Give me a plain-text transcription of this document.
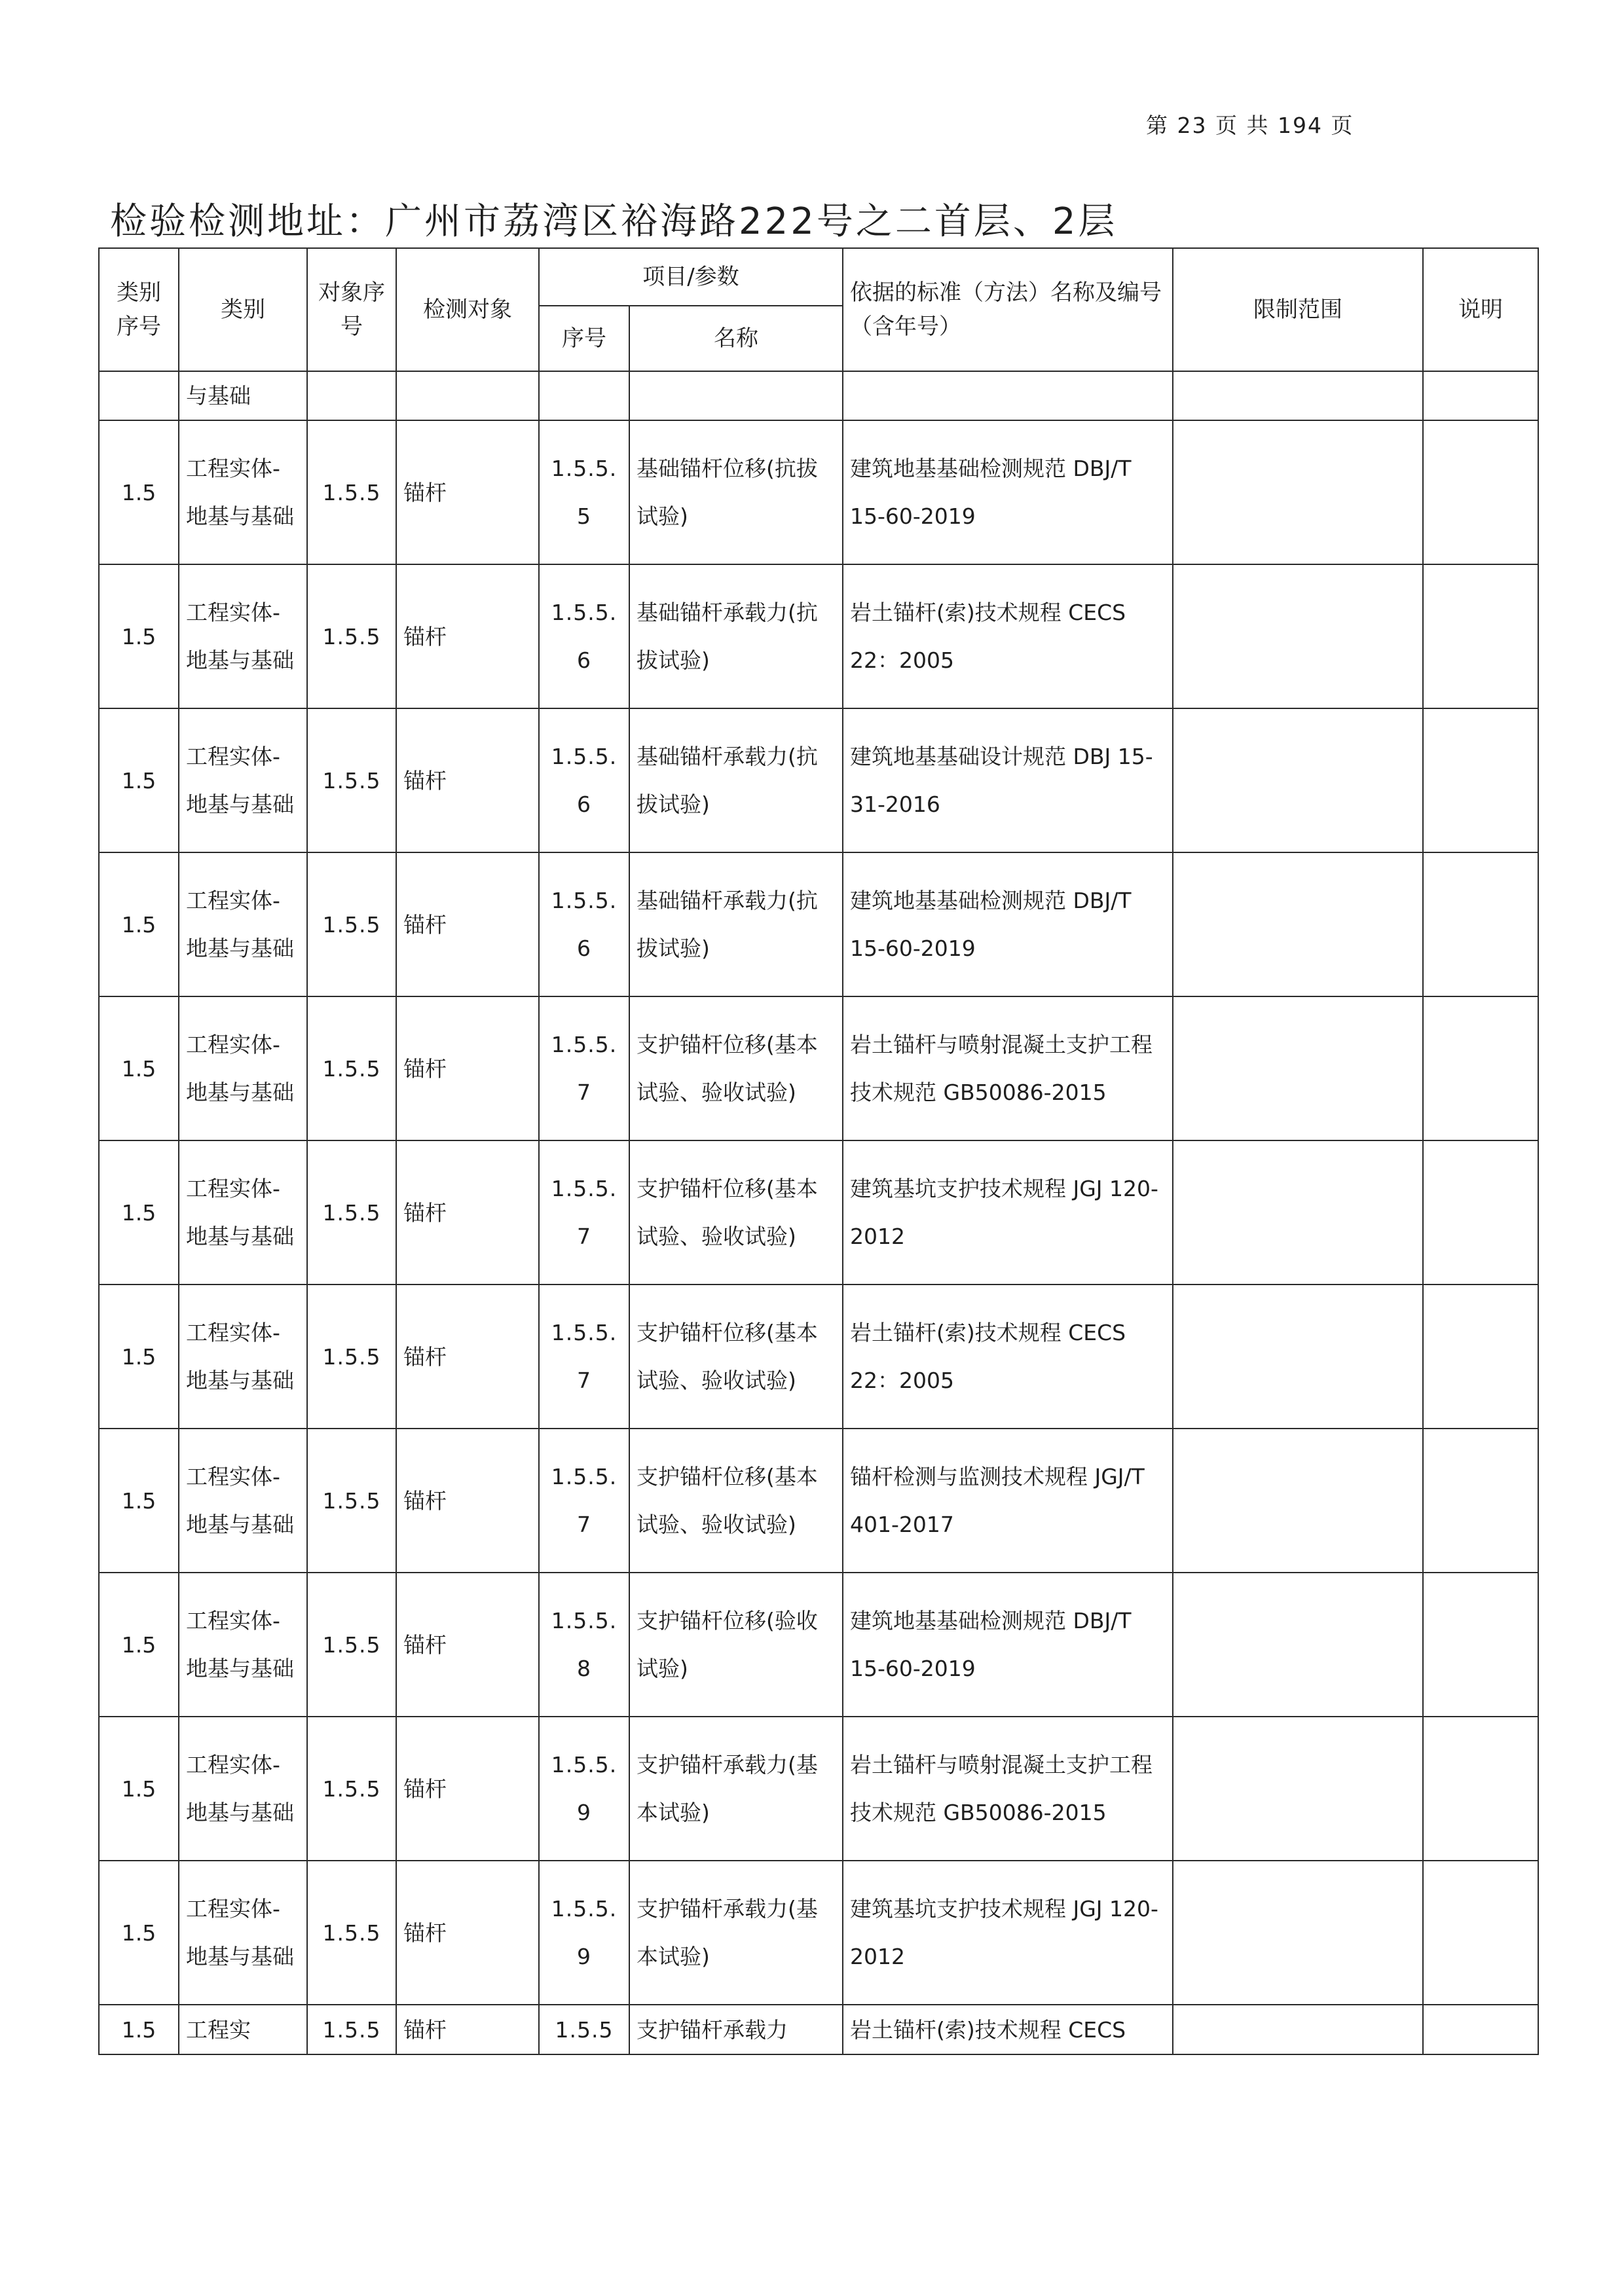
第 23 页 共 194 页
检验检测地址：广州市荔湾区裕海路222号之二首层、2层
类别序号	类别	对象序号	检测对象	项目/参数		依据的标准（方法）名称及编号（含年号）	限制范围	说明
				序号	名称			
	与基础							
1.5	工程实体-地基与基础	1.5.5	锚杆	1.5.5.5	基础锚杆位移(抗拔试验)	建筑地基基础检测规范 DBJ/T 15-60-2019		
1.5	工程实体-地基与基础	1.5.5	锚杆	1.5.5.6	基础锚杆承载力(抗拔试验)	岩土锚杆(索)技术规程 CECS 22：2005		
1.5	工程实体-地基与基础	1.5.5	锚杆	1.5.5.6	基础锚杆承载力(抗拔试验)	建筑地基基础设计规范 DBJ 15-31-2016		
1.5	工程实体-地基与基础	1.5.5	锚杆	1.5.5.6	基础锚杆承载力(抗拔试验)	建筑地基基础检测规范 DBJ/T 15-60-2019		
1.5	工程实体-地基与基础	1.5.5	锚杆	1.5.5.7	支护锚杆位移(基本试验、验收试验)	岩土锚杆与喷射混凝土支护工程技术规范 GB50086-2015		
1.5	工程实体-地基与基础	1.5.5	锚杆	1.5.5.7	支护锚杆位移(基本试验、验收试验)	建筑基坑支护技术规程 JGJ 120-2012		
1.5	工程实体-地基与基础	1.5.5	锚杆	1.5.5.7	支护锚杆位移(基本试验、验收试验)	岩土锚杆(索)技术规程 CECS 22：2005		
1.5	工程实体-地基与基础	1.5.5	锚杆	1.5.5.7	支护锚杆位移(基本试验、验收试验)	锚杆检测与监测技术规程 JGJ/T 401-2017		
1.5	工程实体-地基与基础	1.5.5	锚杆	1.5.5.8	支护锚杆位移(验收试验)	建筑地基基础检测规范 DBJ/T 15-60-2019		
1.5	工程实体-地基与基础	1.5.5	锚杆	1.5.5.9	支护锚杆承载力(基本试验)	岩土锚杆与喷射混凝土支护工程技术规范 GB50086-2015		
1.5	工程实体-地基与基础	1.5.5	锚杆	1.5.5.9	支护锚杆承载力(基本试验)	建筑基坑支护技术规程 JGJ 120-2012		
1.5	工程实	1.5.5	锚杆	1.5.5	支护锚杆承载力	岩土锚杆(索)技术规程 CECS		
